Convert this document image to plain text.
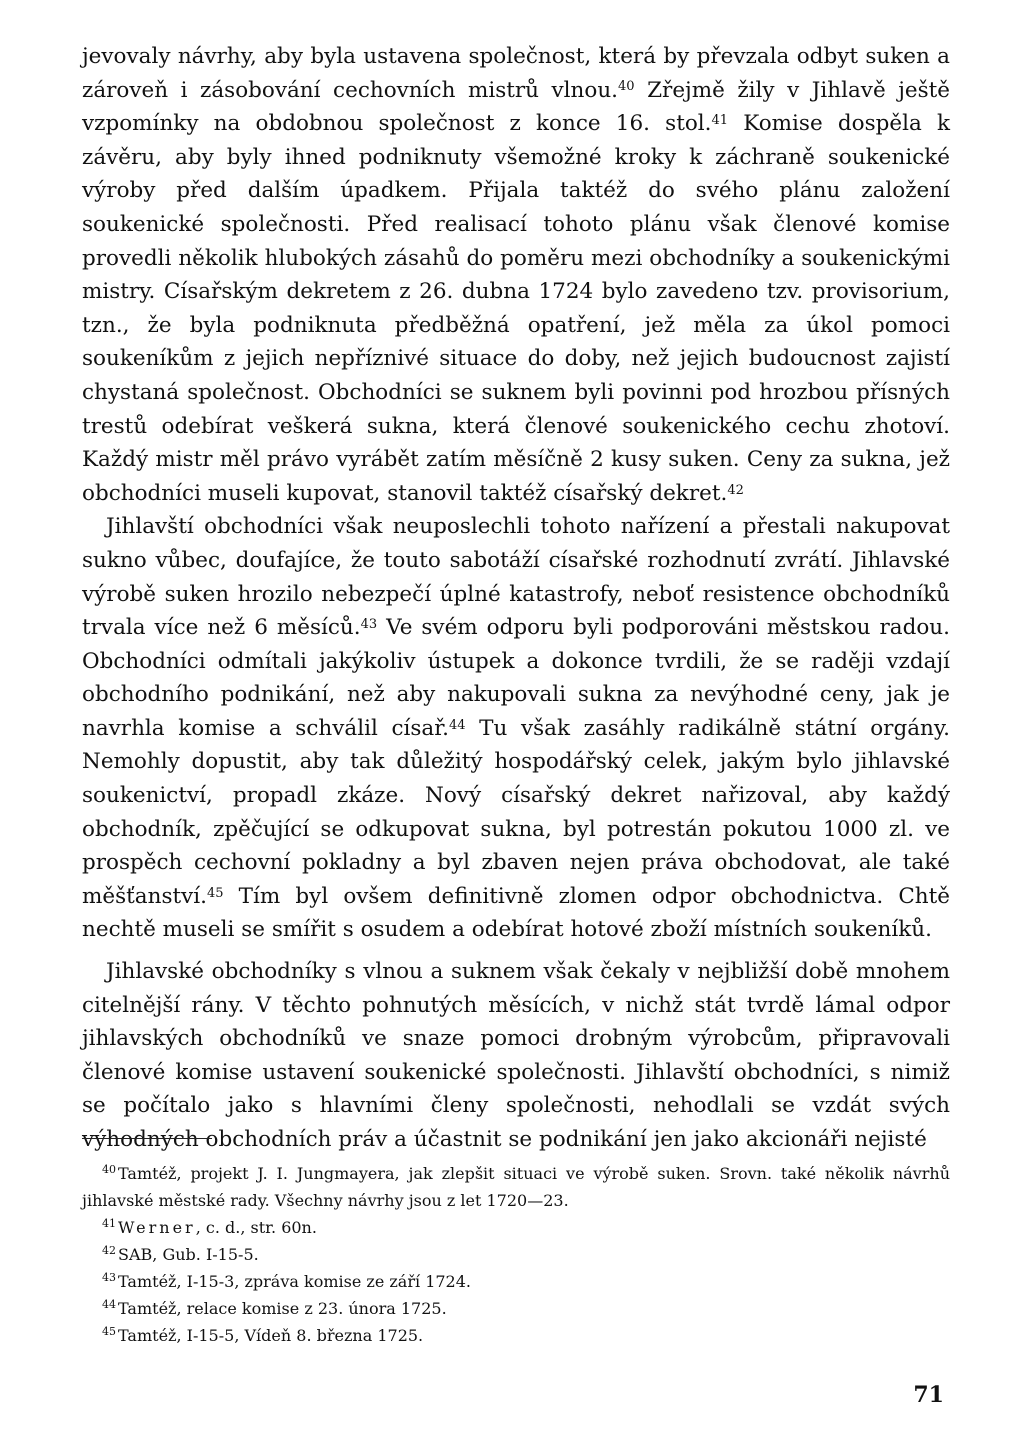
jevovaly návrhy, aby byla ustavena společnost, která by převzala odbyt suken a zároveň i zásobování cechovních mistrů vlnou.$^{40}$ Zřejmě žily v Jihlavě ještě vzpomínky na obdobnou společnost z konce 16. stol.$^{41}$ Komise dospěla k závěru, aby byly ihned podniknuty všemožné kroky k záchraně soukenické výroby před dalším úpadkem. Přijala taktéž do svého plánu založení soukenické společnosti. Před realisací tohoto plánu však členové komise provedli několik hlubokých zásahů do poměru mezi obchodníky a soukenickými mistry. Císařským dekretem z 26. dubna 1724 bylo zavedeno tzv. provisorium, tzn., že byla podniknuta předběžná opatření, jež měla za úkol pomoci soukeníkům z jejich nepříznivé situace do doby, než jejich budoucnost zajistí chystaná společnost. Obchodníci se suknem byli povinni pod hrozbou přísných trestů odebírat veškerá sukna, která členové soukenického cechu zhotoví. Každý mistr měl právo vyrábět zatím měsíčně 2 kusy suken. Ceny za sukna, jež obchodníci museli kupovat, stanovil taktéž císařský dekret.$^{42}$

Jihlavští obchodníci však neuposlechli tohoto nařízení a přestali nakupovat sukno vůbec, doufajíce, že touto sabotáží císařské rozhodnutí zvrátí. Jihlavské výrobě suken hrozilo nebezpečí úplné katastrofy, neboť resistence obchodníků trvala více než 6 měsíců.$^{43}$ Ve svém odporu byli podporováni městskou radou. Obchodníci odmítali jakýkoliv ústupek a dokonce tvrdili, že se raději vzdají obchodního podnikání, než aby nakupovali sukna za nevýhodné ceny, jak je navrhla komise a schválil císař.$^{44}$ Tu však zasáhly radikálně státní orgány. Nemohly dopustit, aby tak důležitý hospodářský celek, jakým bylo jihlavské soukenictví, propadl zkáze. Nový císařský dekret nařizoval, aby každý obchodník, zpěčující se odkupovat sukna, byl potrestán pokutou 1000 zl. ve prospěch cechovní pokladny a byl zbaven nejen práva obchodovat, ale také měšťanství.$^{45}$ Tím byl ovšem definitivně zlomen odpor obchodnictva. Chtě nechtě museli se smířit s osudem a odebírat hotové zboží místních soukeníků.

Jihlavské obchodníky s vlnou a suknem však čekaly v nejbližší době mnohem citelnější rány. V těchto pohnutých měsících, v nichž stát tvrdě lámal odpor jihlavských obchodníků ve snaze pomoci drobným výrobcům, připravovali členové komise ustavení soukenické společnosti. Jihlavští obchodníci, s nimiž se počítalo jako s hlavními členy společnosti, nehodlali se vzdát svých výhodných obchodních práv a účastnit se podnikání jen jako akcionáři nejisté

$^{40}$ Tamtéž, projekt J. I. Jungmayera, jak zlepšit situaci ve výrobě suken. Srovn. také několik návrhů jihlavské městské rady. Všechny návrhy jsou z let 1720—23.

$^{41}$ Werner, c. d., str. 60n.

$^{42}$ SAB, Gub. I-15-5.

$^{43}$ Tamtéž, I-15-3, zpráva komise ze září 1724.

$^{44}$ Tamtéž, relace komise z 23. února 1725.

$^{45}$ Tamtéž, I-15-5, Vídeň 8. března 1725.

71
